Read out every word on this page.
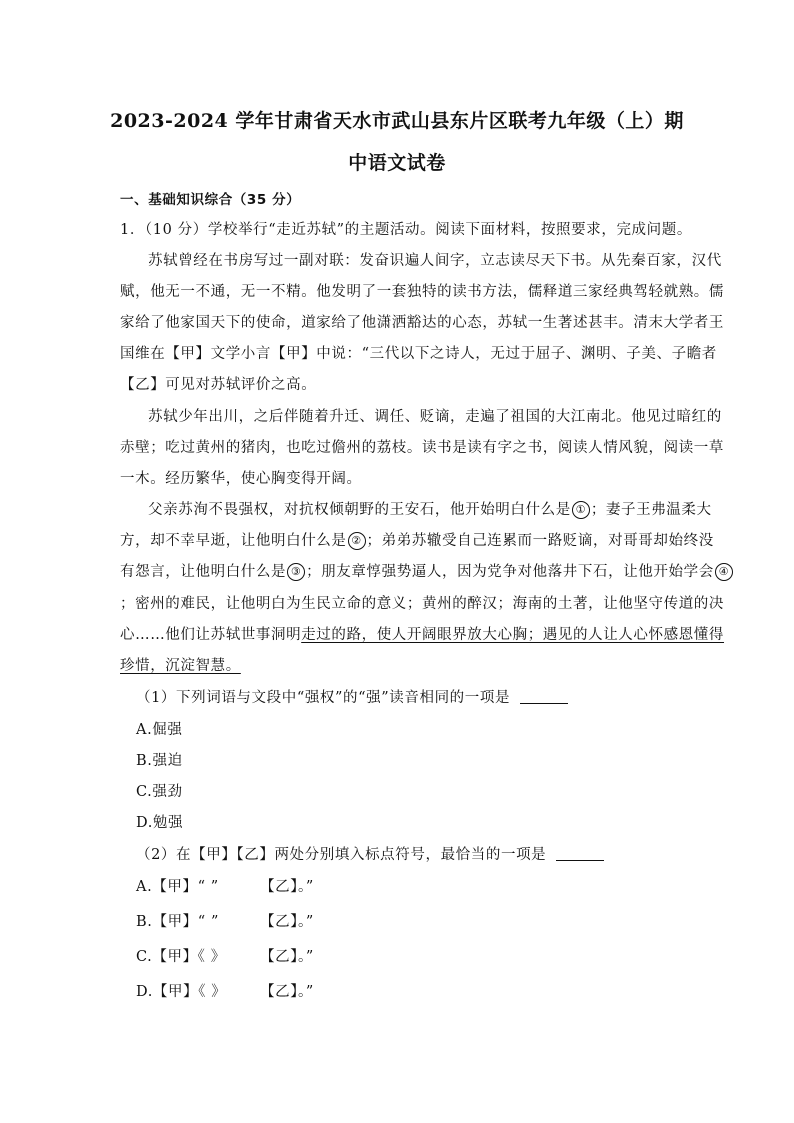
2023-2024 学年甘肃省天水市武山县东片区联考九年级（上）期
中语文试卷
一、基础知识综合（35 分）
1．（10 分）学校举行“走近苏轼”的主题活动。阅读下面材料，按照要求，完成问题。
苏轼曾经在书房写过一副对联：发奋识遍人间字，立志读尽天下书。从先秦百家，汉代
赋，他无一不通，无一不精。他发明了一套独特的读书方法，儒释道三家经典驾轻就熟。儒
家给了他家国天下的使命，道家给了他潇洒豁达的心态，苏轼一生著述甚丰。清末大学者王
国维在【甲】文学小言【甲】中说：“三代以下之诗人，无过于屈子、渊明、子美、子瞻者
【乙】可见对苏轼评价之高。
苏轼少年出川，之后伴随着升迁、调任、贬谪，走遍了祖国的大江南北。他见过暗红的
赤壁；吃过黄州的猪肉，也吃过儋州的荔枝。读书是读有字之书，阅读人情风貌，阅读一草
一木。经历繁华，使心胸变得开阔。
父亲苏洵不畏强权，对抗权倾朝野的王安石，他开始明白什么是 ① ；妻子王弗温柔大
方，却不幸早逝，让他明白什么是 ② ；弟弟苏辙受自己连累而一路贬谪，对哥哥却始终没
有怨言，让他明白什么是 ③ ；朋友章惇强势逼人，因为党争对他落井下石，让他开始学会 ④
；密州的难民，让他明白为生民立命的意义；黄州的醉汉；海南的土著，让他坚守传道的决
心……他们让苏轼世事洞明走过的路，使人开阔眼界放大心胸；遇见的人让人心怀感恩懂得
珍惜，沉淀智慧。
（1）下列词语与文段中“强权”的“强”读音相同的一项是
A.倔强
B.强迫
C.强劲
D.勉强
（2）在【甲】【乙】两处分别填入标点符号，最恰当的一项是
A.【甲】“ ”	【乙】。”
B.【甲】“ ”	【乙】。”
C.【甲】《 》 【乙】。”
D.【甲】《 》 【乙】。”
